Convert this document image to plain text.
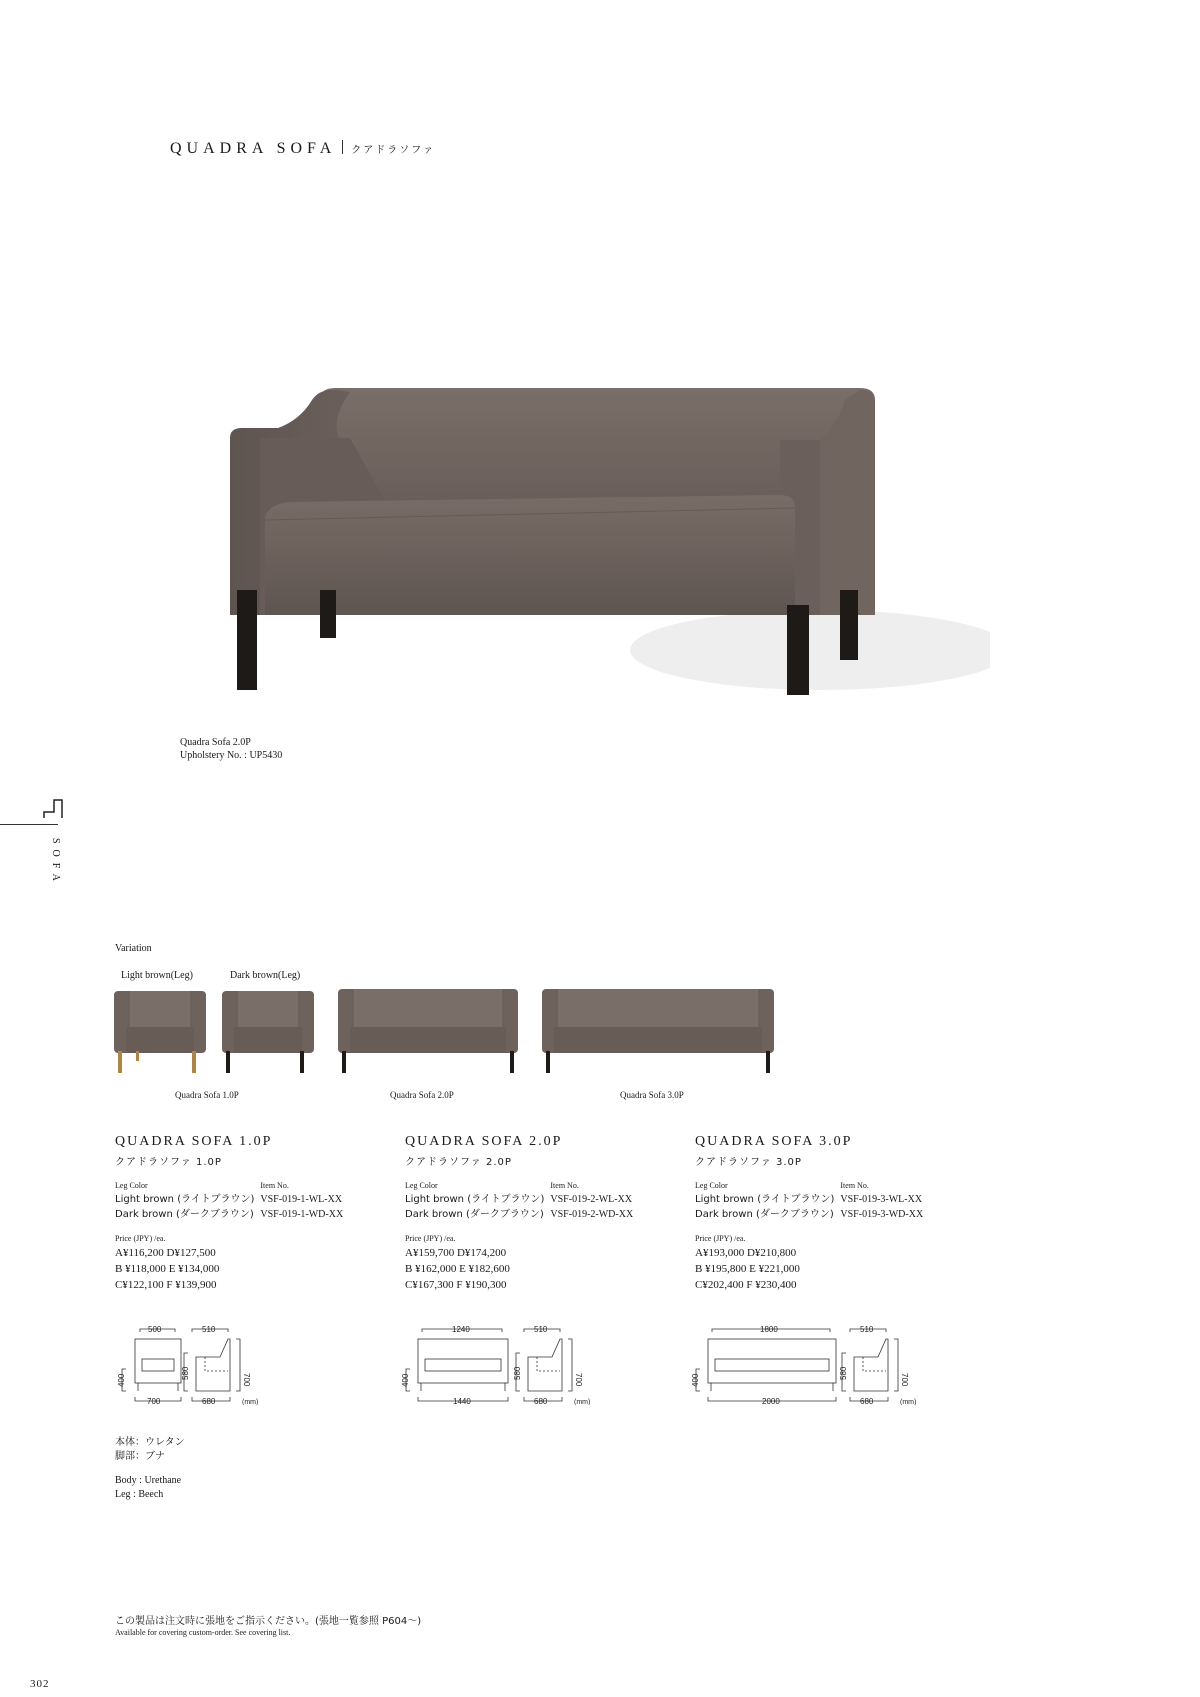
QUADRA SOFA クアドラソファ
Quadra Sofa 2.0P
Upholstery No. : UP5430
SOFA
Variation
Light brown(Leg)	Dark brown(Leg)
Quadra Sofa 1.0P	Quadra Sofa 2.0P	Quadra Sofa 3.0P
QUADRA SOFA 1.0P
クアドラソファ 1.0P
Leg Color	Item No.
Light brown (ライトブラウン)	VSF-019-1-WL-XX
Dark brown (ダークブラウン)	VSF-019-1-WD-XX
Price (JPY) /ea.
A¥116,200 D¥127,500
B ¥118,000 E ¥134,000
C¥122,100 F ¥139,900
QUADRA SOFA 2.0P
クアドラソファ 2.0P
Leg Color	Item No.
Light brown (ライトブラウン)	VSF-019-2-WL-XX
Dark brown (ダークブラウン)	VSF-019-2-WD-XX
Price (JPY) /ea.
A¥159,700 D¥174,200
B ¥162,000 E ¥182,600
C¥167,300 F ¥190,300
QUADRA SOFA 3.0P
クアドラソファ 3.0P
Leg Color	Item No.
Light brown (ライトブラウン)	VSF-019-3-WL-XX
Dark brown (ダークブラウン)	VSF-019-3-WD-XX
Price (JPY) /ea.
A¥193,000 D¥210,800
B ¥195,800 E ¥221,000
C¥202,400 F ¥230,400
500
700
400
510
680
580	700
(mm)
1240
1440
400
510
680
580	700
(mm)
1800
2000
400
510
680
580	700
(mm)
本体：ウレタン
脚部：ブナ
Body : Urethane
Leg : Beech
この製品は注文時に張地をご指示ください。(張地一覧参照 P604〜)
Available for covering custom-order. See covering list.
302
